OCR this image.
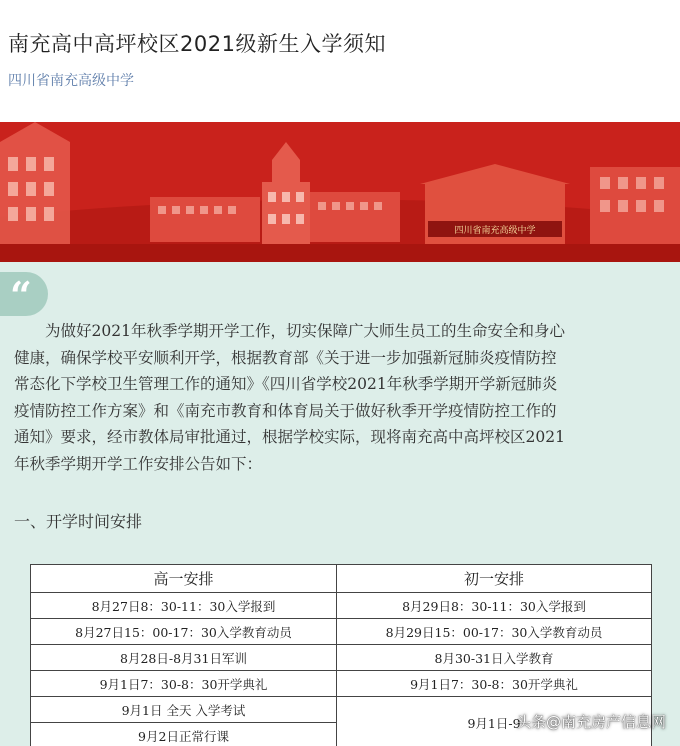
南充高中高坪校区2021级新生入学须知
四川省南充高级中学
四川省南充高级中学
“
为做好2021年秋季学期开学工作，切实保障广大师生员工的生命安全和身心
健康，确保学校平安顺利开学，根据教育部《关于进一步加强新冠肺炎疫情防控
常态化下学校卫生管理工作的通知》《四川省学校2021年秋季学期开学新冠肺炎
疫情防控工作方案》和《南充市教育和体育局关于做好秋季开学疫情防控工作的
通知》要求，经市教体局审批通过，根据学校实际，现将南充高中高坪校区2021
年秋季学期开学工作安排公告如下：
一、开学时间安排
高一安排
8月27日8：30-11：30入学报到
8月27日15：00-17：30入学教育动员
8月28日-8月31日军训
9月1日7：30-8：30开学典礼
9月1日 全天 入学考试
9月2日正常行课
初一安排
8月29日8：30-11：30入学报到
8月29日15：00-17：30入学教育动员
8月30-31日入学教育
9月1日7：30-8：30开学典礼
9月1日-9
头条@南充房产信息网
